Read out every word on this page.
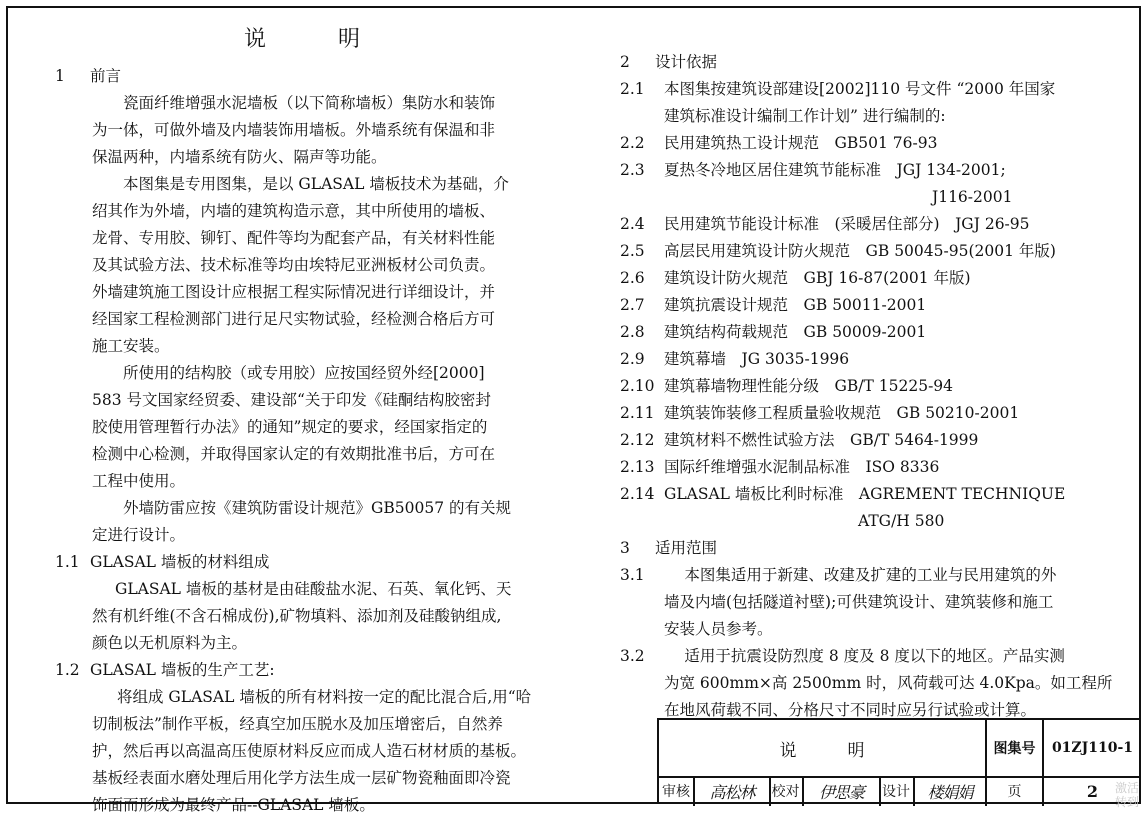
说	明
1 前言
瓷面纤维增强水泥墙板（以下简称墙板）集防水和装饰
为一体，可做外墙及内墙装饰用墙板。外墙系统有保温和非
保温两种，内墙系统有防火、隔声等功能。
本图集是专用图集，是以 GLASAL 墙板技术为基础，介
绍其作为外墙，内墙的建筑构造示意，其中所使用的墙板、
龙骨、专用胶、铆钉、配件等均为配套产品，有关材料性能
及其试验方法、技术标准等均由埃特尼亚洲板材公司负责。
外墙建筑施工图设计应根据工程实际情况进行详细设计，并
经国家工程检测部门进行足尺实物试验，经检测合格后方可
施工安装。
所使用的结构胶（或专用胶）应按国经贸外经[2000]
583 号文国家经贸委、建设部“关于印发《硅酮结构胶密封
胶使用管理暂行办法》的通知”规定的要求，经国家指定的
检测中心检测，并取得国家认定的有效期批准书后，方可在
工程中使用。
外墙防雷应按《建筑防雷设计规范》GB50057 的有关规
定进行设计。
1.1 GLASAL 墙板的材料组成
GLASAL 墙板的基材是由硅酸盐水泥、石英、氧化钙、天
然有机纤维(不含石棉成份),矿物填料、添加剂及硅酸钠组成,
颜色以无机原料为主。
1.2 GLASAL 墙板的生产工艺:
将组成 GLASAL 墙板的所有材料按一定的配比混合后,用“哈
切制板法”制作平板，经真空加压脱水及加压增密后，自然养
护，然后再以高温高压使原材料反应而成人造石材材质的基板。
基板经表面水磨处理后用化学方法生成一层矿物瓷釉面即冷瓷
饰面而形成为最终产品--GLASAL 墙板。
2 设计依据
2.1	本图集按建筑设部建设[2002]110 号文件 “2000 年国家
建筑标准设计编制工作计划” 进行编制的:
2.2	民用建筑热工设计规范　GB501 76-93
2.3	夏热冬冷地区居住建筑节能标准　JGJ 134-2001;
J116-2001
2.4	民用建筑节能设计标准　(采暖居住部分)　JGJ 26-95
2.5	高层民用建筑设计防火规范　GB 50045-95(2001 年版)
2.6	建筑设计防火规范　GBJ 16-87(2001 年版)
2.7	建筑抗震设计规范　GB 50011-2001
2.8	建筑结构荷载规范　GB 50009-2001
2.9	建筑幕墙　JG 3035-1996
2.10 建筑幕墙物理性能分级　GB/T 15225-94
2.11 建筑装饰装修工程质量验收规范　GB 50210-2001
2.12 建筑材料不燃性试验方法　GB/T 5464-1999
2.13 国际纤维增强水泥制品标准　ISO 8336
2.14 GLASAL 墙板比利时标准　AGREMENT TECHNIQUE
ATG/H 580
3 适用范围
3.1	　 本图集适用于新建、改建及扩建的工业与民用建筑的外
墙及内墙(包括隧道衬壁);可供建筑设计、建筑装修和施工
安装人员参考。
3.2	　 适用于抗震设防烈度 8 度及 8 度以下的地区。产品实测
为宽 600mm×高 2500mm 时，风荷载可达 4.0Kpa。如工程所
在地风荷载不同、分格尺寸不同时应另行试验或计算。
说　　　明	图集号	01ZJ110-1
审核	高松林	校对	伊思豪	设计	楼娟娟	页	2	激活
转到
